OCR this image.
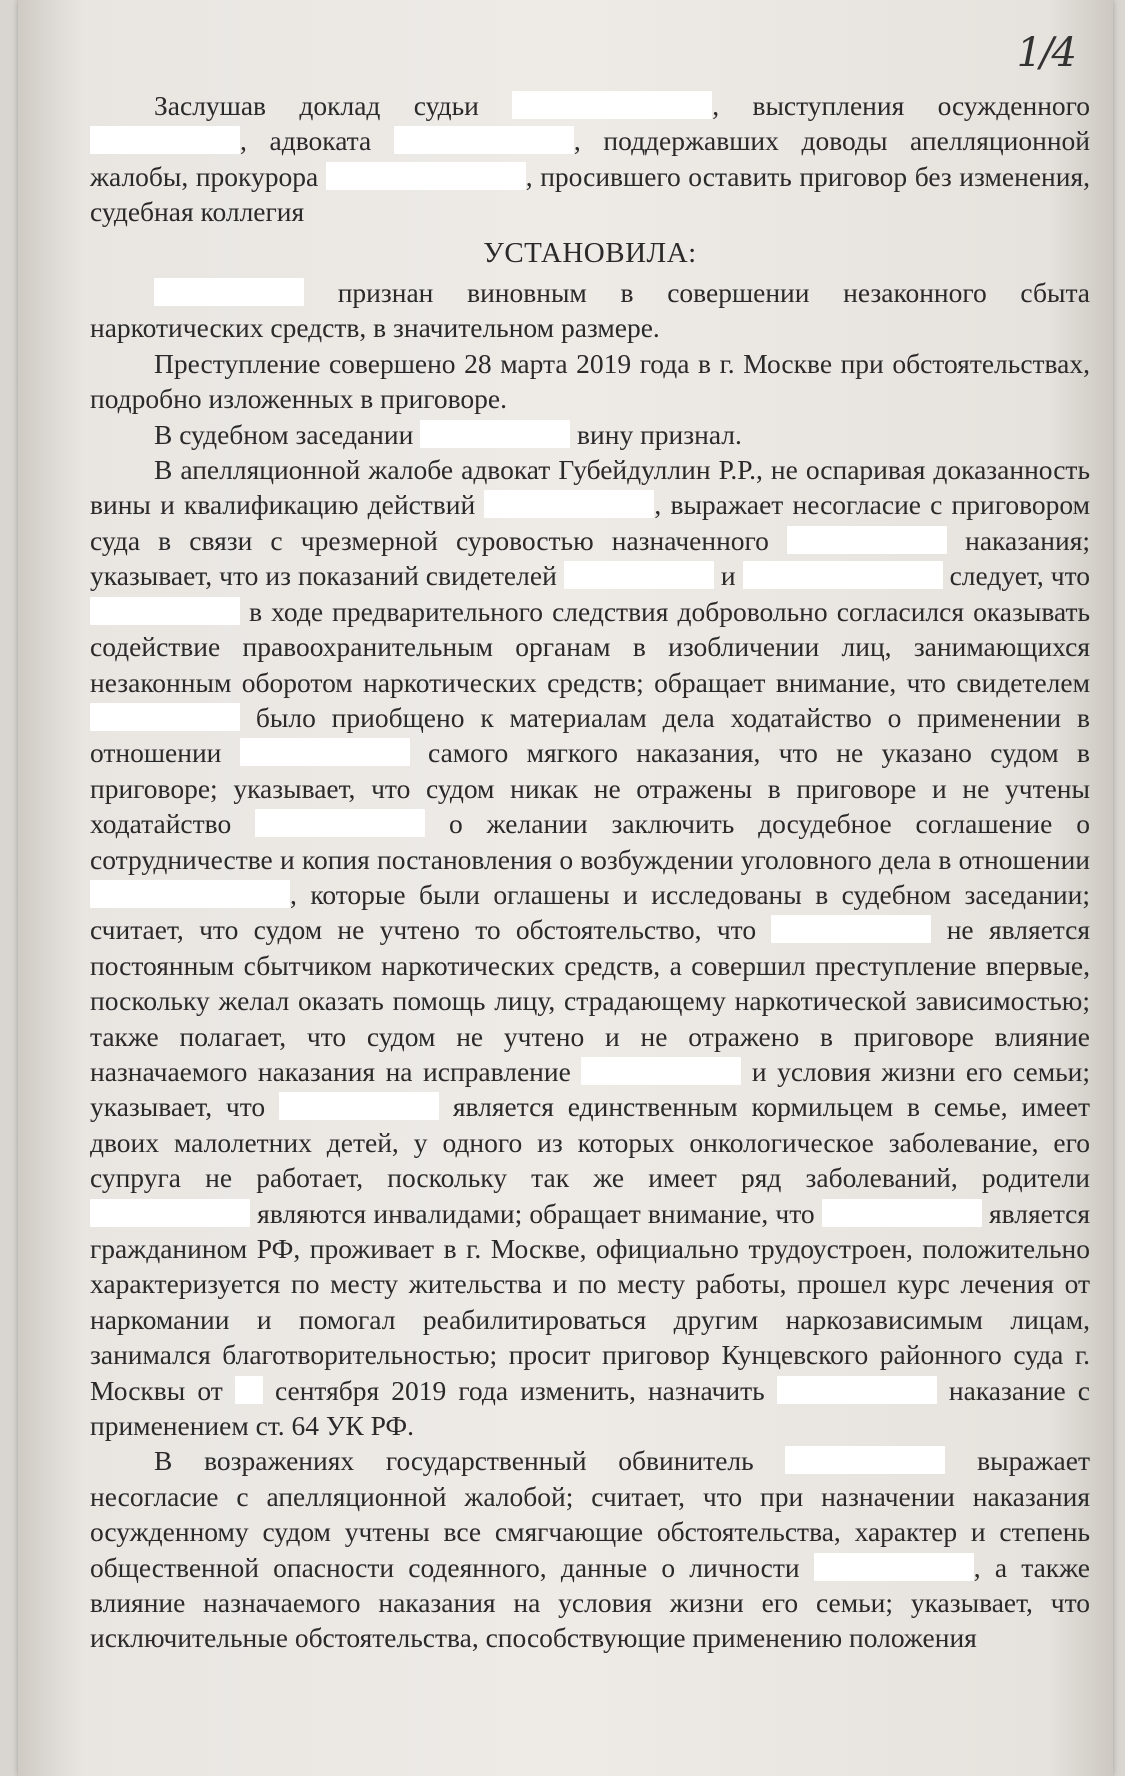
1/4

Заслушав доклад судьи	, выступления осужденного , адвоката	, поддержавших доводы апелляционной жалобы, прокурора	, просившего оставить приговор без изменения, судебная коллегия

УСТАНОВИЛА:

признан виновным в совершении незаконного сбыта наркотических средств, в значительном размере.

Преступление совершено 28 марта 2019 года в г. Москве при обстоятельствах, подробно изложенных в приговоре.

В судебном заседании	вину признал.

В апелляционной жалобе адвокат Губейдуллин Р.Р., не оспаривая доказанность вины и квалификацию действий	, выражает несогласие с приговором суда в связи с чрезмерной суровостью назначенного	наказания; указывает, что из показаний свидетелей	и	следует, что  в ходе предварительного следствия добровольно согласился оказывать содействие правоохранительным органам в изобличении лиц, занимающихся незаконным оборотом наркотических средств; обращает внимание, что свидетелем  было приобщено к материалам дела ходатайство о применении в отношении	самого мягкого наказания, что не указано судом в приговоре; указывает, что судом никак не отражены в приговоре и не учтены ходатайство	о желании заключить досудебное соглашение о сотрудничестве и копия постановления о возбуждении уголовного дела в отношении , которые были оглашены и исследованы в судебном заседании; считает, что судом не учтено то обстоятельство, что	не является постоянным сбытчиком наркотических средств, а совершил преступление впервые, поскольку желал оказать помощь лицу, страдающему наркотической зависимостью; также полагает, что судом не учтено и не отражено в приговоре влияние назначаемого наказания на исправление	и условия жизни его семьи; указывает, что	является единственным кормильцем в семье, имеет двоих малолетних детей, у одного из которых онкологическое заболевание, его супруга не работает, поскольку так же имеет ряд заболеваний, родители  являются инвалидами; обращает внимание, что	является гражданином РФ, проживает в г. Москве, официально трудоустроен, положительно характеризуется по месту жительства и по месту работы, прошел курс лечения от наркомании и помогал реабилитироваться другим наркозависимым лицам, занимался благотворительностью; просит приговор Кунцевского районного суда г. Москвы от сентября 2019 года изменить, назначить	наказание с применением ст. 64 УК РФ.

В возражениях государственный обвинитель	выражает несогласие с апелляционной жалобой; считает, что при назначении наказания осужденному судом учтены все смягчающие обстоятельства, характер и степень общественной опасности содеянного, данные о личности	, а также влияние назначаемого наказания на условия жизни его семьи; указывает, что исключительные обстоятельства, способствующие применению положения
